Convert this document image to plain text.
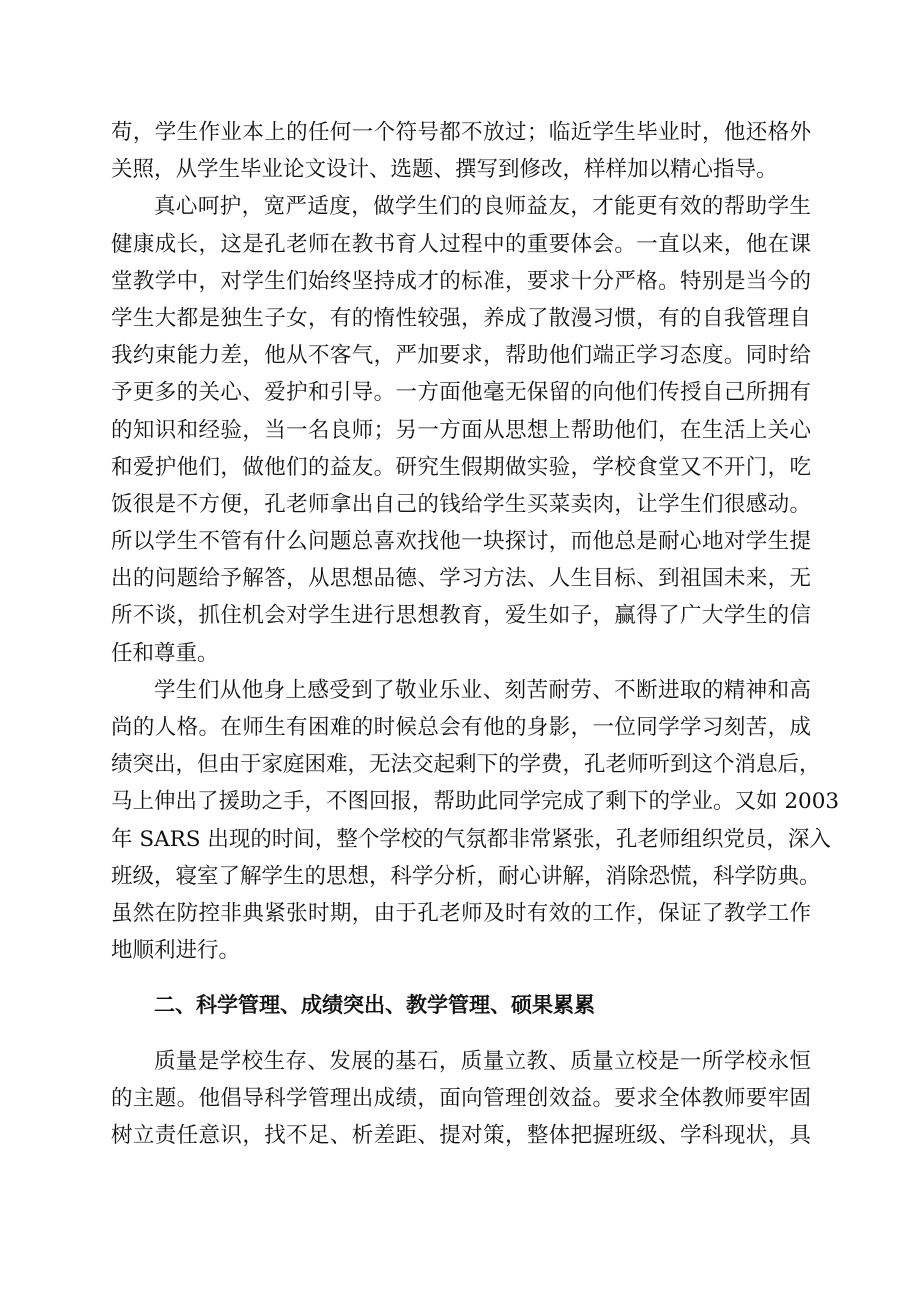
苟，学生作业本上的任何一个符号都不放过；临近学生毕业时，他还格外
关照，从学生毕业论文设计、选题、撰写到修改，样样加以精心指导。
真心呵护，宽严适度，做学生们的良师益友，才能更有效的帮助学生
健康成长，这是孔老师在教书育人过程中的重要体会。一直以来，他在课
堂教学中，对学生们始终坚持成才的标准，要求十分严格。特别是当今的
学生大都是独生子女，有的惰性较强，养成了散漫习惯，有的自我管理自
我约束能力差，他从不客气，严加要求，帮助他们端正学习态度。同时给
予更多的关心、爱护和引导。一方面他毫无保留的向他们传授自己所拥有
的知识和经验，当一名良师；另一方面从思想上帮助他们，在生活上关心
和爱护他们，做他们的益友。研究生假期做实验，学校食堂又不开门，吃
饭很是不方便，孔老师拿出自己的钱给学生买菜卖肉，让学生们很感动。
所以学生不管有什么问题总喜欢找他一块探讨，而他总是耐心地对学生提
出的问题给予解答，从思想品德、学习方法、人生目标、到祖国未来，无
所不谈，抓住机会对学生进行思想教育，爱生如子，赢得了广大学生的信
任和尊重。
学生们从他身上感受到了敬业乐业、刻苦耐劳、不断进取的精神和高
尚的人格。在师生有困难的时候总会有他的身影，一位同学学习刻苦，成
绩突出，但由于家庭困难，无法交起剩下的学费，孔老师听到这个消息后，
马上伸出了援助之手，不图回报，帮助此同学完成了剩下的学业。又如 2003
年 SARS 出现的时间，整个学校的气氛都非常紧张，孔老师组织党员，深入
班级，寝室了解学生的思想，科学分析，耐心讲解，消除恐慌，科学防典。
虽然在防控非典紧张时期，由于孔老师及时有效的工作，保证了教学工作
地顺利进行。
二、科学管理、成绩突出、教学管理、硕果累累
质量是学校生存、发展的基石，质量立教、质量立校是一所学校永恒
的主题。他倡导科学管理出成绩，面向管理创效益。要求全体教师要牢固
树立责任意识，找不足、析差距、提对策，整体把握班级、学科现状，具
